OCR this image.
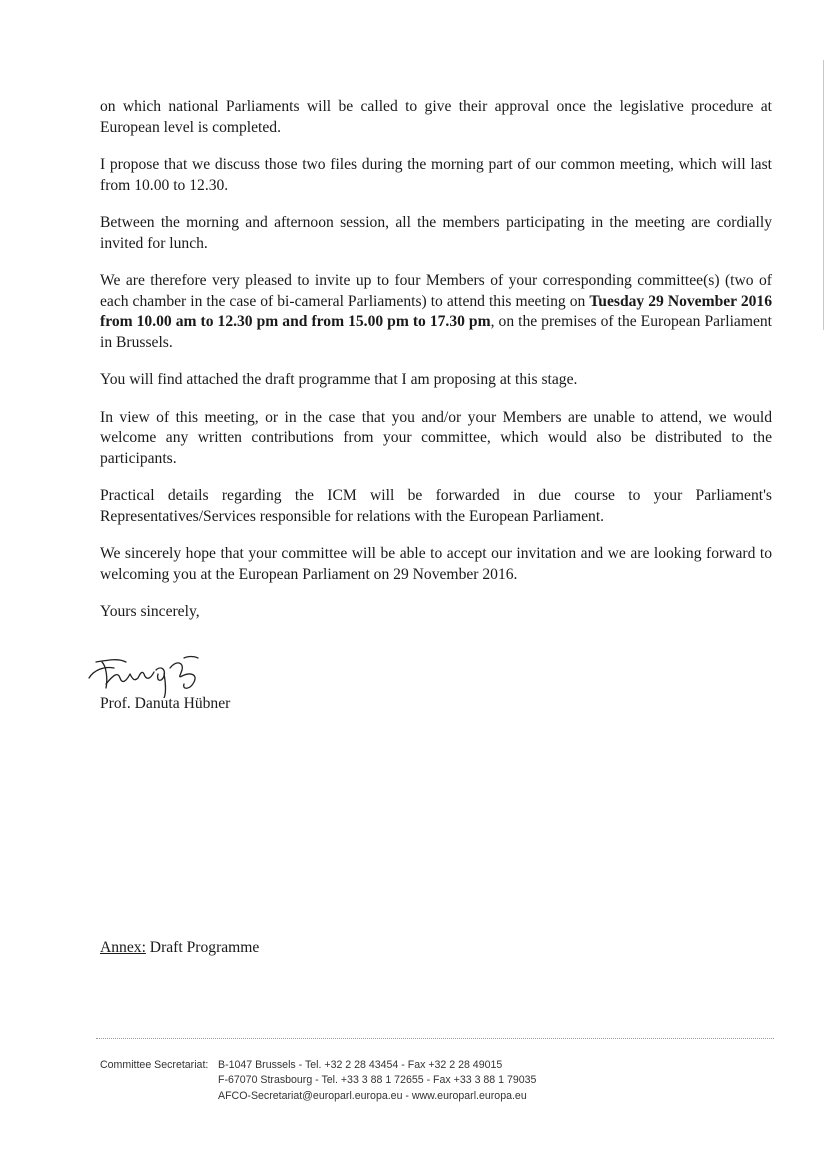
on which national Parliaments will be called to give their approval once the legislative procedure at European level is completed.

I propose that we discuss those two files during the morning part of our common meeting, which will last from 10.00 to 12.30.

Between the morning and afternoon session, all the members participating in the meeting are cordially invited for lunch.

We are therefore very pleased to invite up to four Members of your corresponding committee(s) (two of each chamber in the case of bi-cameral Parliaments) to attend this meeting on Tuesday 29 November 2016 from 10.00 am to 12.30 pm and from 15.00 pm to 17.30 pm, on the premises of the European Parliament in Brussels.

You will find attached the draft programme that I am proposing at this stage.

In view of this meeting, or in the case that you and/or your Members are unable to attend, we would welcome any written contributions from your committee, which would also be distributed to the participants.

Practical details regarding the ICM will be forwarded in due course to your Parliament's Representatives/Services responsible for relations with the European Parliament.

We sincerely hope that your committee will be able to accept our invitation and we are looking forward to welcoming you at the European Parliament on 29 November 2016.

Yours sincerely,

Prof. Danuta Hübner
Annex: Draft Programme
Committee Secretariat: B-1047 Brussels - Tel. +32 2 28 43454 - Fax +32 2 28 49015
F-67070 Strasbourg - Tel. +33 3 88 1 72655 - Fax +33 3 88 1 79035
AFCO-Secretariat@europarl.europa.eu - www.europarl.europa.eu
